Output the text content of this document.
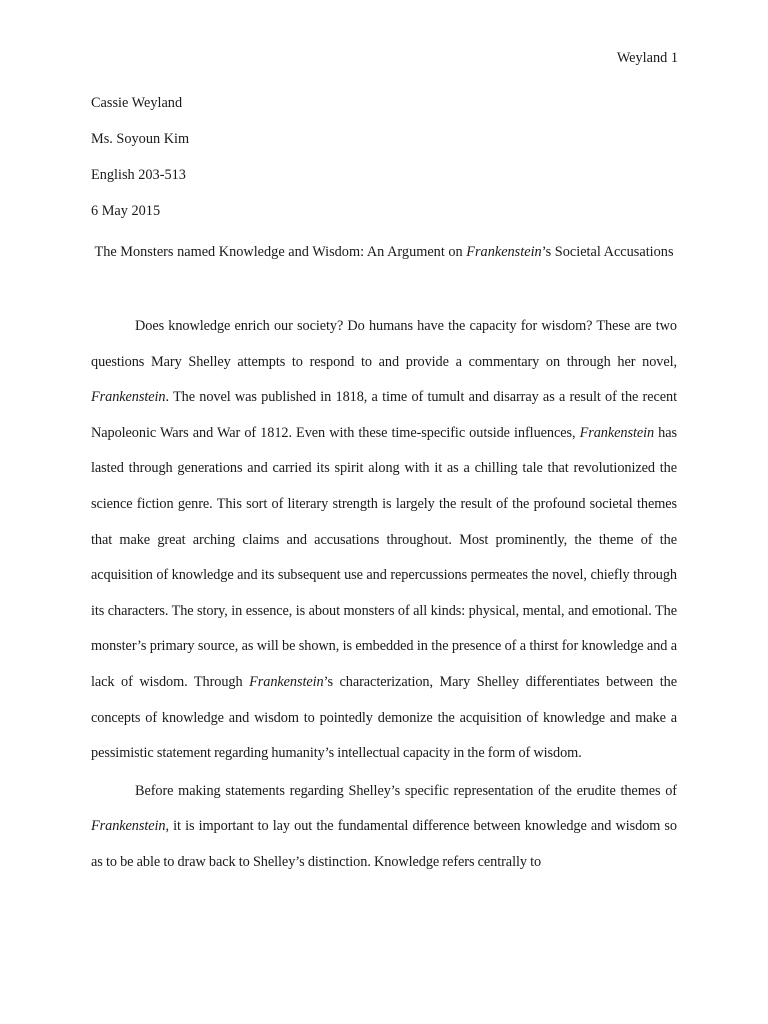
Weyland 1
Cassie Weyland
Ms. Soyoun Kim
English 203-513
6 May 2015
The Monsters named Knowledge and Wisdom: An Argument on Frankenstein’s Societal Accusations

Does knowledge enrich our society? Do humans have the capacity for wisdom? These are two questions Mary Shelley attempts to respond to and provide a commentary on through her novel, Frankenstein. The novel was published in 1818, a time of tumult and disarray as a result of the recent Napoleonic Wars and War of 1812. Even with these time-specific outside influences, Frankenstein has lasted through generations and carried its spirit along with it as a chilling tale that revolutionized the science fiction genre. This sort of literary strength is largely the result of the profound societal themes that make great arching claims and accusations throughout. Most prominently, the theme of the acquisition of knowledge and its subsequent use and repercussions permeates the novel, chiefly through its characters. The story, in essence, is about monsters of all kinds: physical, mental, and emotional. The monster’s primary source, as will be shown, is embedded in the presence of a thirst for knowledge and a lack of wisdom. Through Frankenstein’s characterization, Mary Shelley differentiates between the concepts of knowledge and wisdom to pointedly demonize the acquisition of knowledge and make a pessimistic statement regarding humanity’s intellectual capacity in the form of wisdom.

Before making statements regarding Shelley’s specific representation of the erudite themes of Frankenstein, it is important to lay out the fundamental difference between knowledge and wisdom so as to be able to draw back to Shelley’s distinction. Knowledge refers centrally to
